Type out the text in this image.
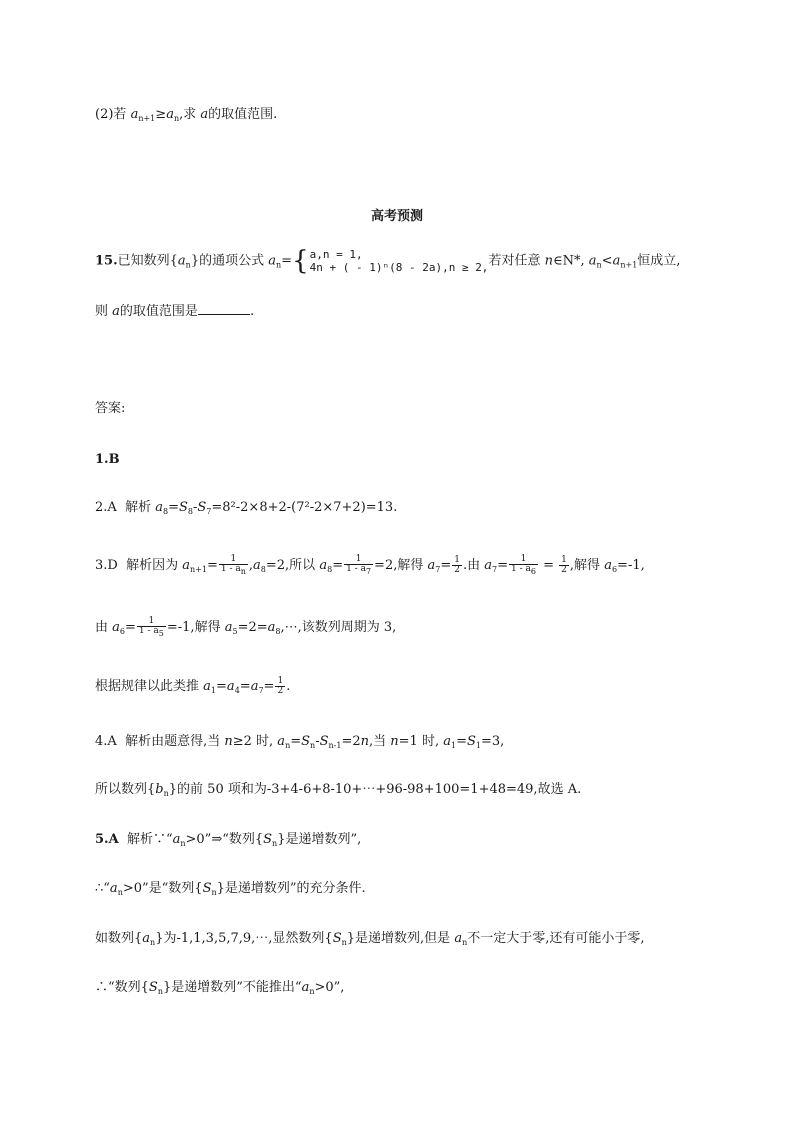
(2)若 $a_{n+1}\ge a_n$,求 a的取值范围.
高考预测
15.已知数列$\{a_n\}$的通项公式 $a_n=${ a,n = 1,
4n + ( - 1)ⁿ(8 - 2a),n ≥ 2, 若对任意 n∈N*, $a_n<a_{n+1}$恒成立,
则 a的取值范围是	.
答案:
1.B
2.A 解析 $a_8=S_8-S_7=8^2-2\times 8+2-(7^2-2\times 7+2)=13$.
3.D 解析因为 $a_{n+1}= \frac{1}{1 - a_n} ,a_8=2$,所以 $a_8= \frac{1}{1 - a_7} =2$,解得 $a_7= \frac{1}{2}$ .由 $a_7= \frac{1}{1 - a_6} = \frac{1}{2}$ ,解得 $a_6=-1$,
由 $a_6= \frac{1}{1 - a_5} =-1$,解得 $a_5=2=a_8,\cdots$,该数列周期为 3,
根据规律以此类推 $a_1=a_4=a_7= \frac{1}{2}$ .
4.A 解析由题意得,当 n≥2 时, $a_n=S_n-S_{n-1}=2n$,当 n=1 时, $a_1=S_1=3$,
所以数列$\{b_n\}$的前 50 项和为-3+4-6+8-10+⋯+96-98+100=1+48=49,故选 A.
5.A 解析$\because“a_n>0”\Rightarrow“$数列$\{S_n\}$是递增数列”,
$\therefore“a_n>0$”是“数列$\{S_n\}$是递增数列”的充分条件.
如数列$\{a_n\}$为-1,1,3,5,7,9,⋯,显然数列$\{S_n\}$是递增数列,但是 $a_n$不一定大于零,还有可能小于零,
∴“数列$\{S_n\}$是递增数列”不能推出“$a_n>0$”,
